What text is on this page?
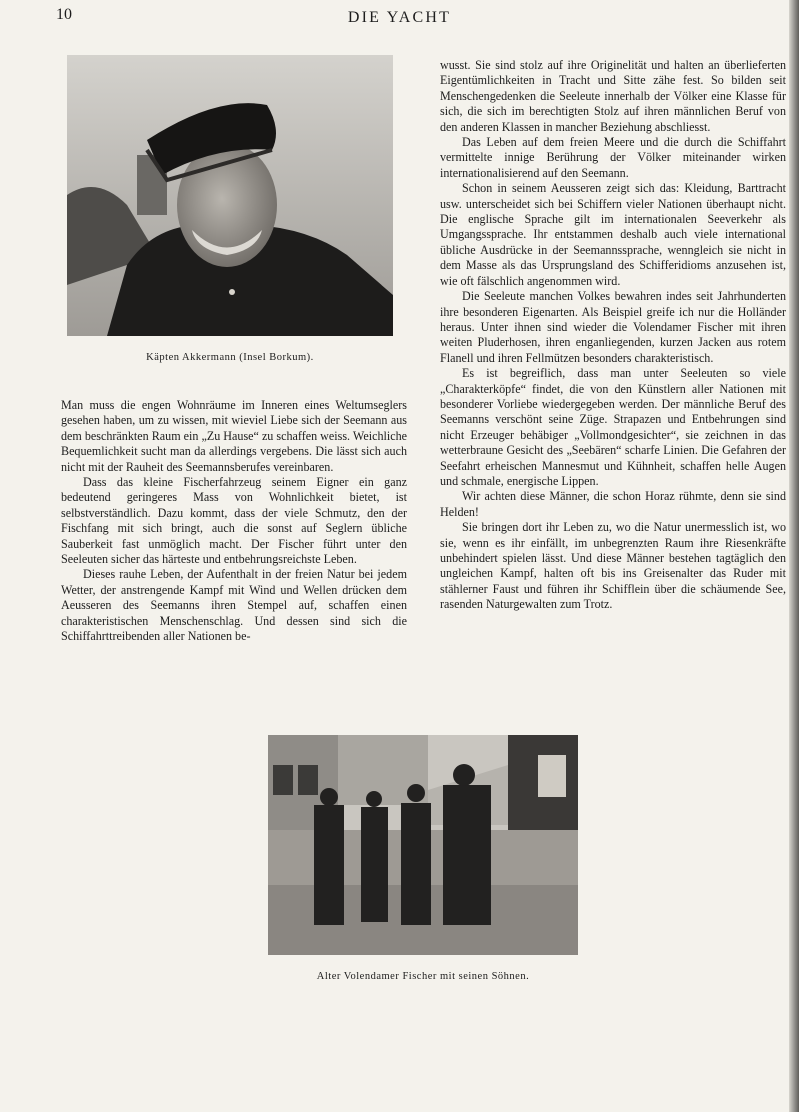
10	DIE YACHT
Käpten Akkermann (Insel Borkum).

Man muss die engen Wohnräume im Inneren eines Weltumseglers gesehen haben, um zu wissen, mit wieviel Liebe sich der Seemann aus dem beschränkten Raum ein „Zu Hause“ zu schaffen weiss. Weichliche Bequemlichkeit sucht man da allerdings vergebens. Die lässt sich auch nicht mit der Rauheit des Seemannsberufes vereinbaren.

Dass das kleine Fischerfahrzeug seinem Eigner ein ganz bedeutend geringeres Mass von Wohnlichkeit bietet, ist selbstverständlich. Dazu kommt, dass der viele Schmutz, den der Fischfang mit sich bringt, auch die sonst auf Seglern übliche Sauberkeit fast unmöglich macht. Der Fischer führt unter den Seeleuten sicher das härteste und entbehrungsreichste Leben.

Dieses rauhe Leben, der Aufenthalt in der freien Natur bei jedem Wetter, der anstrengende Kampf mit Wind und Wellen drücken dem Aeusseren des Seemanns ihren Stempel auf, schaffen einen charakteristischen Menschenschlag. Und dessen sind sich die Schiffahrttreibenden aller Nationen be-

wusst. Sie sind stolz auf ihre Originelität und halten an überlieferten Eigentümlichkeiten in Tracht und Sitte zähe fest. So bilden seit Menschengedenken die Seeleute innerhalb der Völker eine Klasse für sich, die sich im berechtigten Stolz auf ihren männlichen Beruf von den anderen Klassen in mancher Beziehung abschliesst.

Das Leben auf dem freien Meere und die durch die Schiffahrt vermittelte innige Berührung der Völker miteinander wirken internationalisierend auf den Seemann.

Schon in seinem Aeusseren zeigt sich das: Kleidung, Barttracht usw. unterscheidet sich bei Schiffern vieler Nationen überhaupt nicht. Die englische Sprache gilt im internationalen Seeverkehr als Umgangssprache. Ihr entstammen deshalb auch viele international übliche Ausdrücke in der Seemannssprache, wenngleich sie nicht in dem Masse als das Ursprungsland des Schifferidioms anzusehen ist, wie oft fälschlich angenommen wird.

Die Seeleute manchen Volkes bewahren indes seit Jahrhunderten ihre besonderen Eigenarten. Als Beispiel greife ich nur die Holländer heraus. Unter ihnen sind wieder die Volendamer Fischer mit ihren weiten Pluderhosen, ihren enganliegenden, kurzen Jacken aus rotem Flanell und ihren Fellmützen besonders charakteristisch.

Es ist begreiflich, dass man unter Seeleuten so viele „Charakterköpfe“ findet, die von den Künstlern aller Nationen mit besonderer Vorliebe wiedergegeben werden. Der männliche Beruf des Seemanns verschönt seine Züge. Strapazen und Entbehrungen sind nicht Erzeuger behäbiger „Vollmondgesichter“, sie zeichnen in das wetterbraune Gesicht des „Seebären“ scharfe Linien. Die Gefahren der Seefahrt erheischen Mannesmut und Kühnheit, schaffen helle Augen und schmale, energische Lippen.

Wir achten diese Männer, die schon Horaz rühmte, denn sie sind Helden!

Sie bringen dort ihr Leben zu, wo die Natur unermesslich ist, wo sie, wenn es ihr einfällt, im unbegrenzten Raum ihre Riesenkräfte unbehindert spielen lässt. Und diese Männer bestehen tagtäglich den ungleichen Kampf, halten oft bis ins Greisenalter das Ruder mit stählerner Faust und führen ihr Schifflein über die schäumende See, rasenden Naturgewalten zum Trotz.

Alter Volendamer Fischer mit seinen Söhnen.
